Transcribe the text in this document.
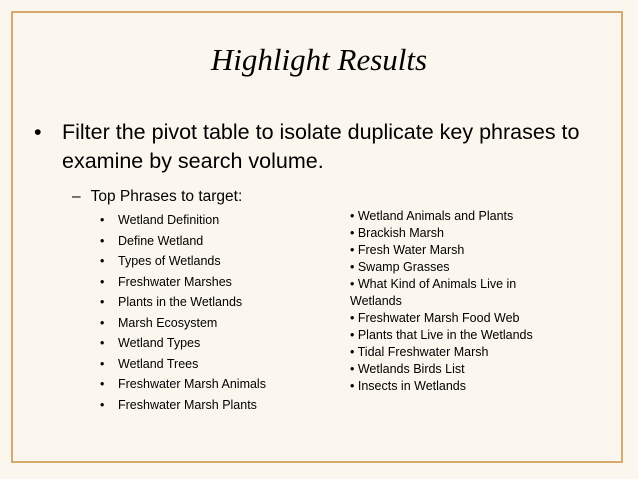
Highlight Results
• Filter the pivot table to isolate duplicate key phrases to examine by search volume.
– Top Phrases to target:
• Wetland Definition
• Define Wetland
• Types of Wetlands
• Freshwater Marshes
• Plants in the Wetlands
• Marsh Ecosystem
• Wetland Types
• Wetland Trees
• Freshwater Marsh Animals
• Freshwater Marsh Plants
• Wetland Animals and Plants
• Brackish Marsh
• Fresh Water Marsh
• Swamp Grasses
• What Kind of Animals Live in Wetlands
• Freshwater Marsh Food Web
• Plants that Live in the Wetlands
• Tidal Freshwater Marsh
• Wetlands Birds List
• Insects in Wetlands
